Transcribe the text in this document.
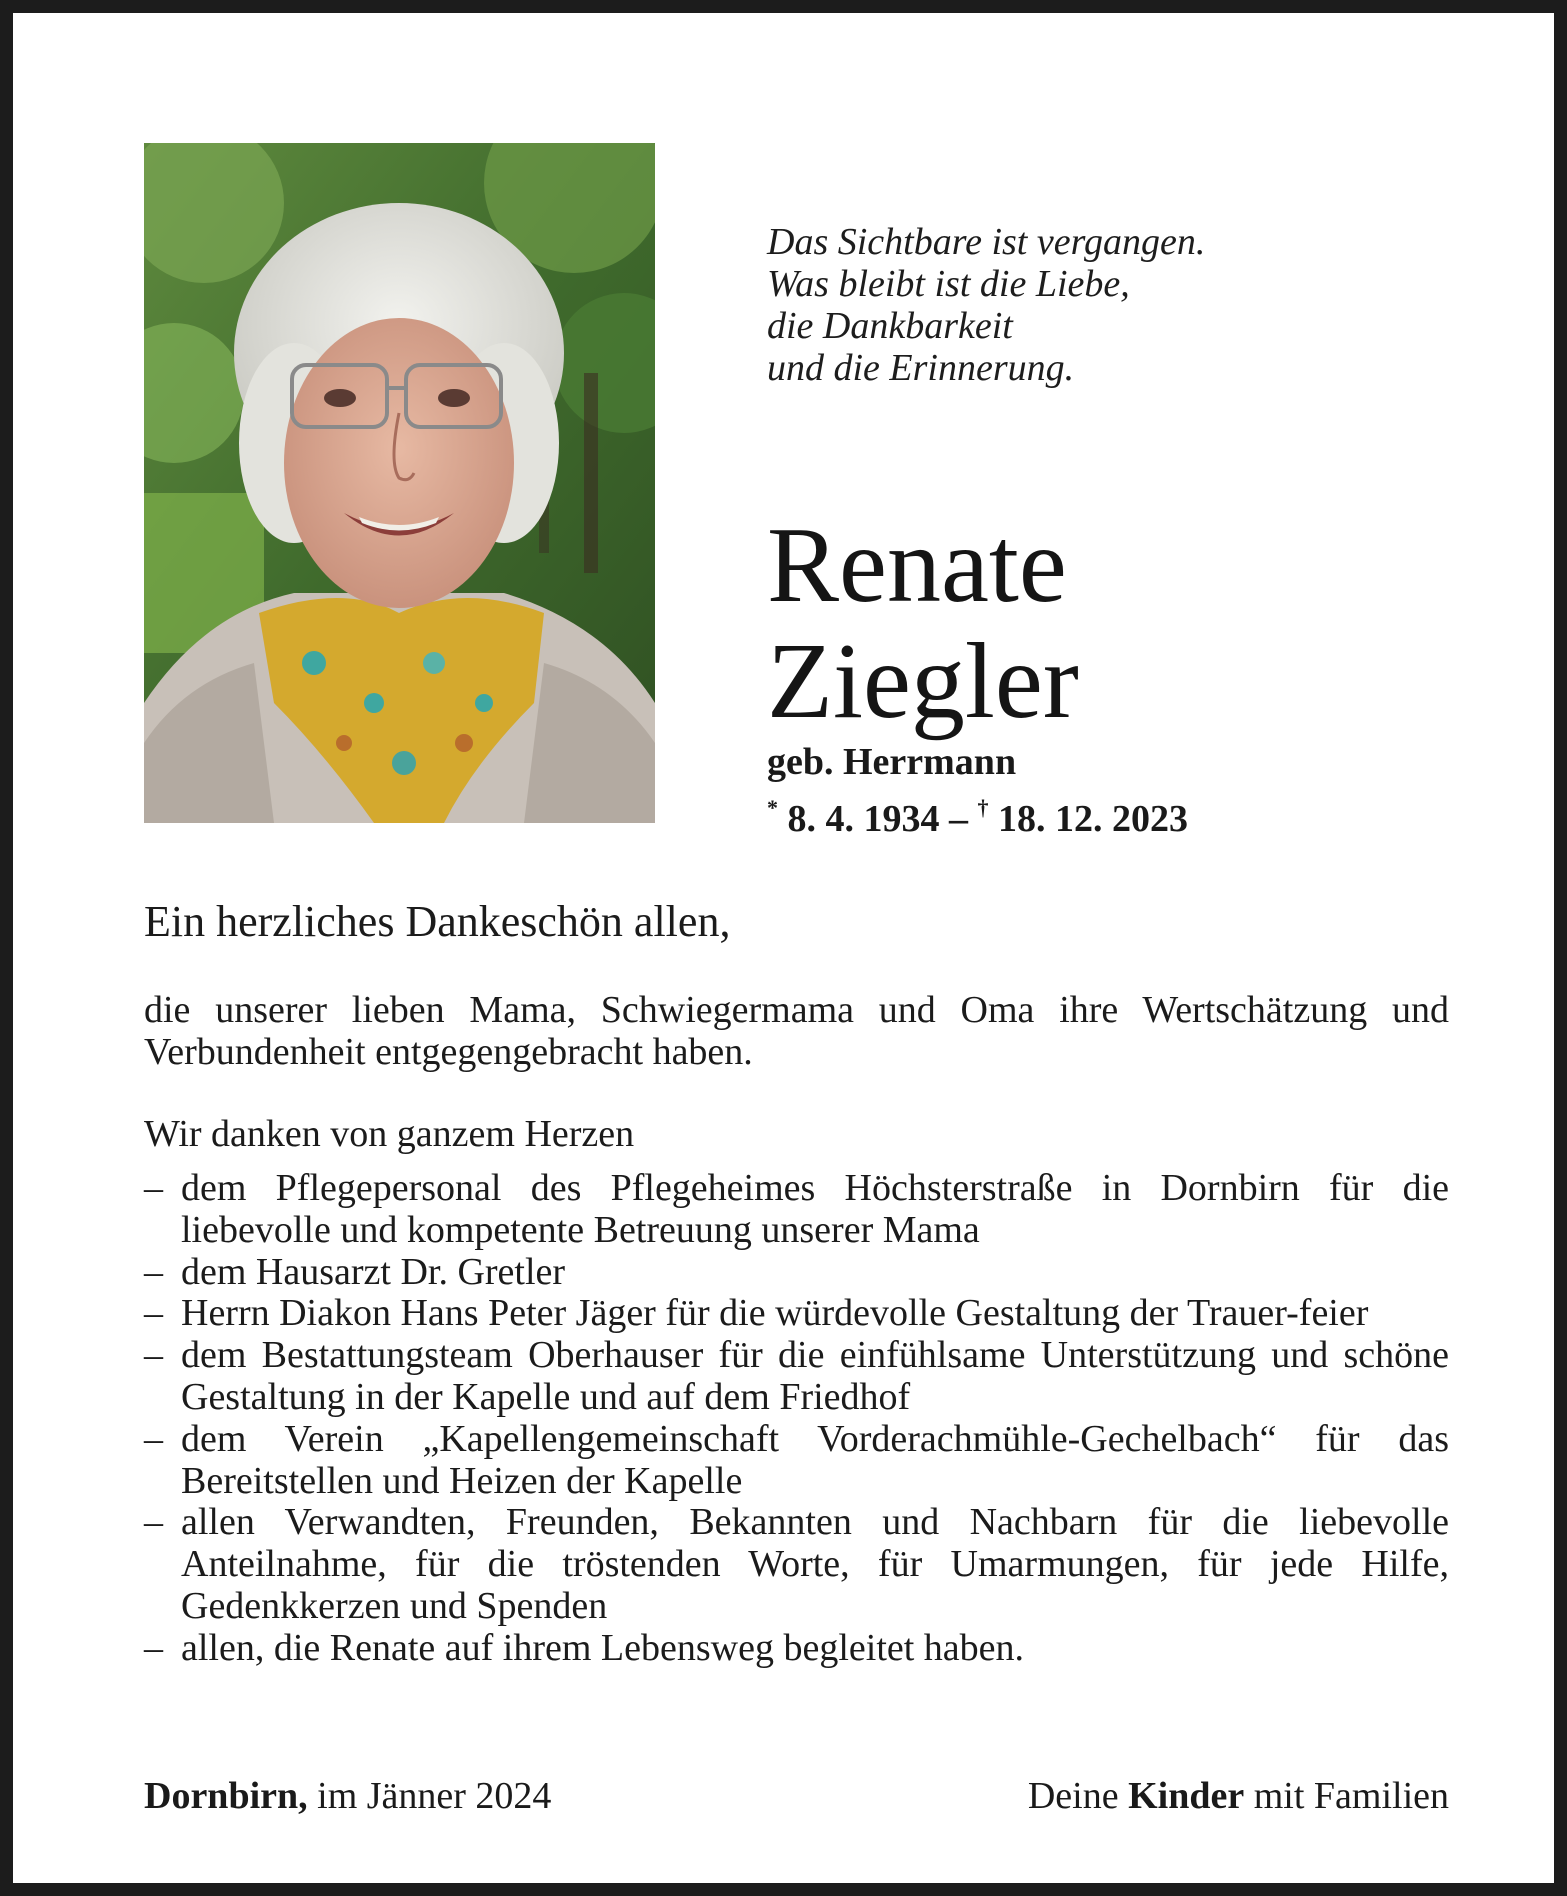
Das Sichtbare ist vergangen.
Was bleibt ist die Liebe,
die Dankbarkeit
und die Erinnerung.
Renate
Ziegler
geb. Herrmann
* 8. 4. 1934 – † 18. 12. 2023
Ein herzliches Dankeschön allen,
die unserer lieben Mama, Schwiegermama und Oma ihre Wertschätzung und Verbundenheit entgegengebracht haben.
Wir danken von ganzem Herzen
– dem Pflegepersonal des Pflegeheimes Höchsterstraße in Dornbirn für die liebevolle und kompetente Betreuung unserer Mama
– dem Hausarzt Dr. Gretler
– Herrn Diakon Hans Peter Jäger für die würdevolle Gestaltung der Trauer-feier
– dem Bestattungsteam Oberhauser für die einfühlsame Unterstützung und schöne Gestaltung in der Kapelle und auf dem Friedhof
– dem Verein „Kapellengemeinschaft Vorderachmühle-Gechelbach“ für das Bereitstellen und Heizen der Kapelle
– allen Verwandten, Freunden, Bekannten und Nachbarn für die liebevolle Anteilnahme, für die tröstenden Worte, für Umarmungen, für jede Hilfe, Gedenkkerzen und Spenden
– allen, die Renate auf ihrem Lebensweg begleitet haben.
Dornbirn, im Jänner 2024	Deine Kinder mit Familien
